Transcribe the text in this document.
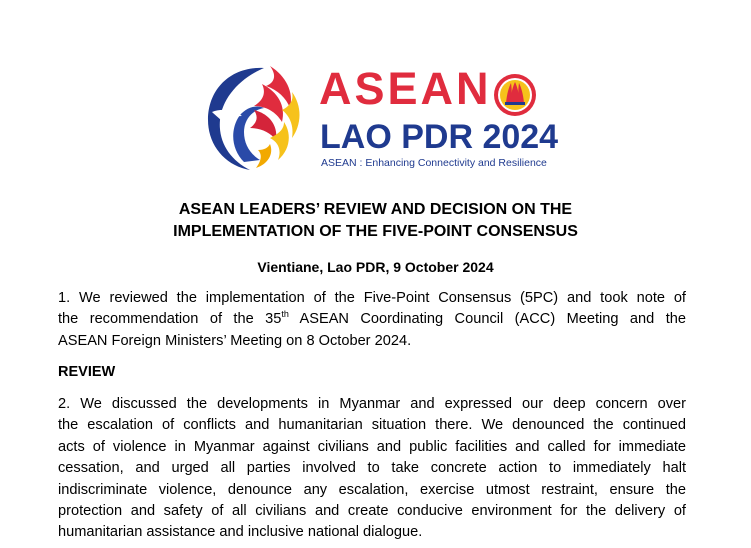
ASEAN
LAO PDR 2024
ASEAN : Enhancing Connectivity and Resilience
ASEAN LEADERS’ REVIEW AND DECISION ON THE
IMPLEMENTATION OF THE FIVE-POINT CONSENSUS
Vientiane, Lao PDR, 9 October 2024
1. We reviewed the implementation of the Five-Point Consensus (5PC) and took note of
the recommendation of the 35th ASEAN Coordinating Council (ACC) Meeting and the
ASEAN Foreign Ministers’ Meeting on 8 October 2024.
REVIEW
2. We discussed the developments in Myanmar and expressed our deep concern over
the escalation of conflicts and humanitarian situation there. We denounced the continued
acts of violence in Myanmar against civilians and public facilities and called for immediate
cessation, and urged all parties involved to take concrete action to immediately halt
indiscriminate violence, denounce any escalation, exercise utmost restraint, ensure the
protection and safety of all civilians and create conducive environment for the delivery of
humanitarian assistance and inclusive national dialogue.
